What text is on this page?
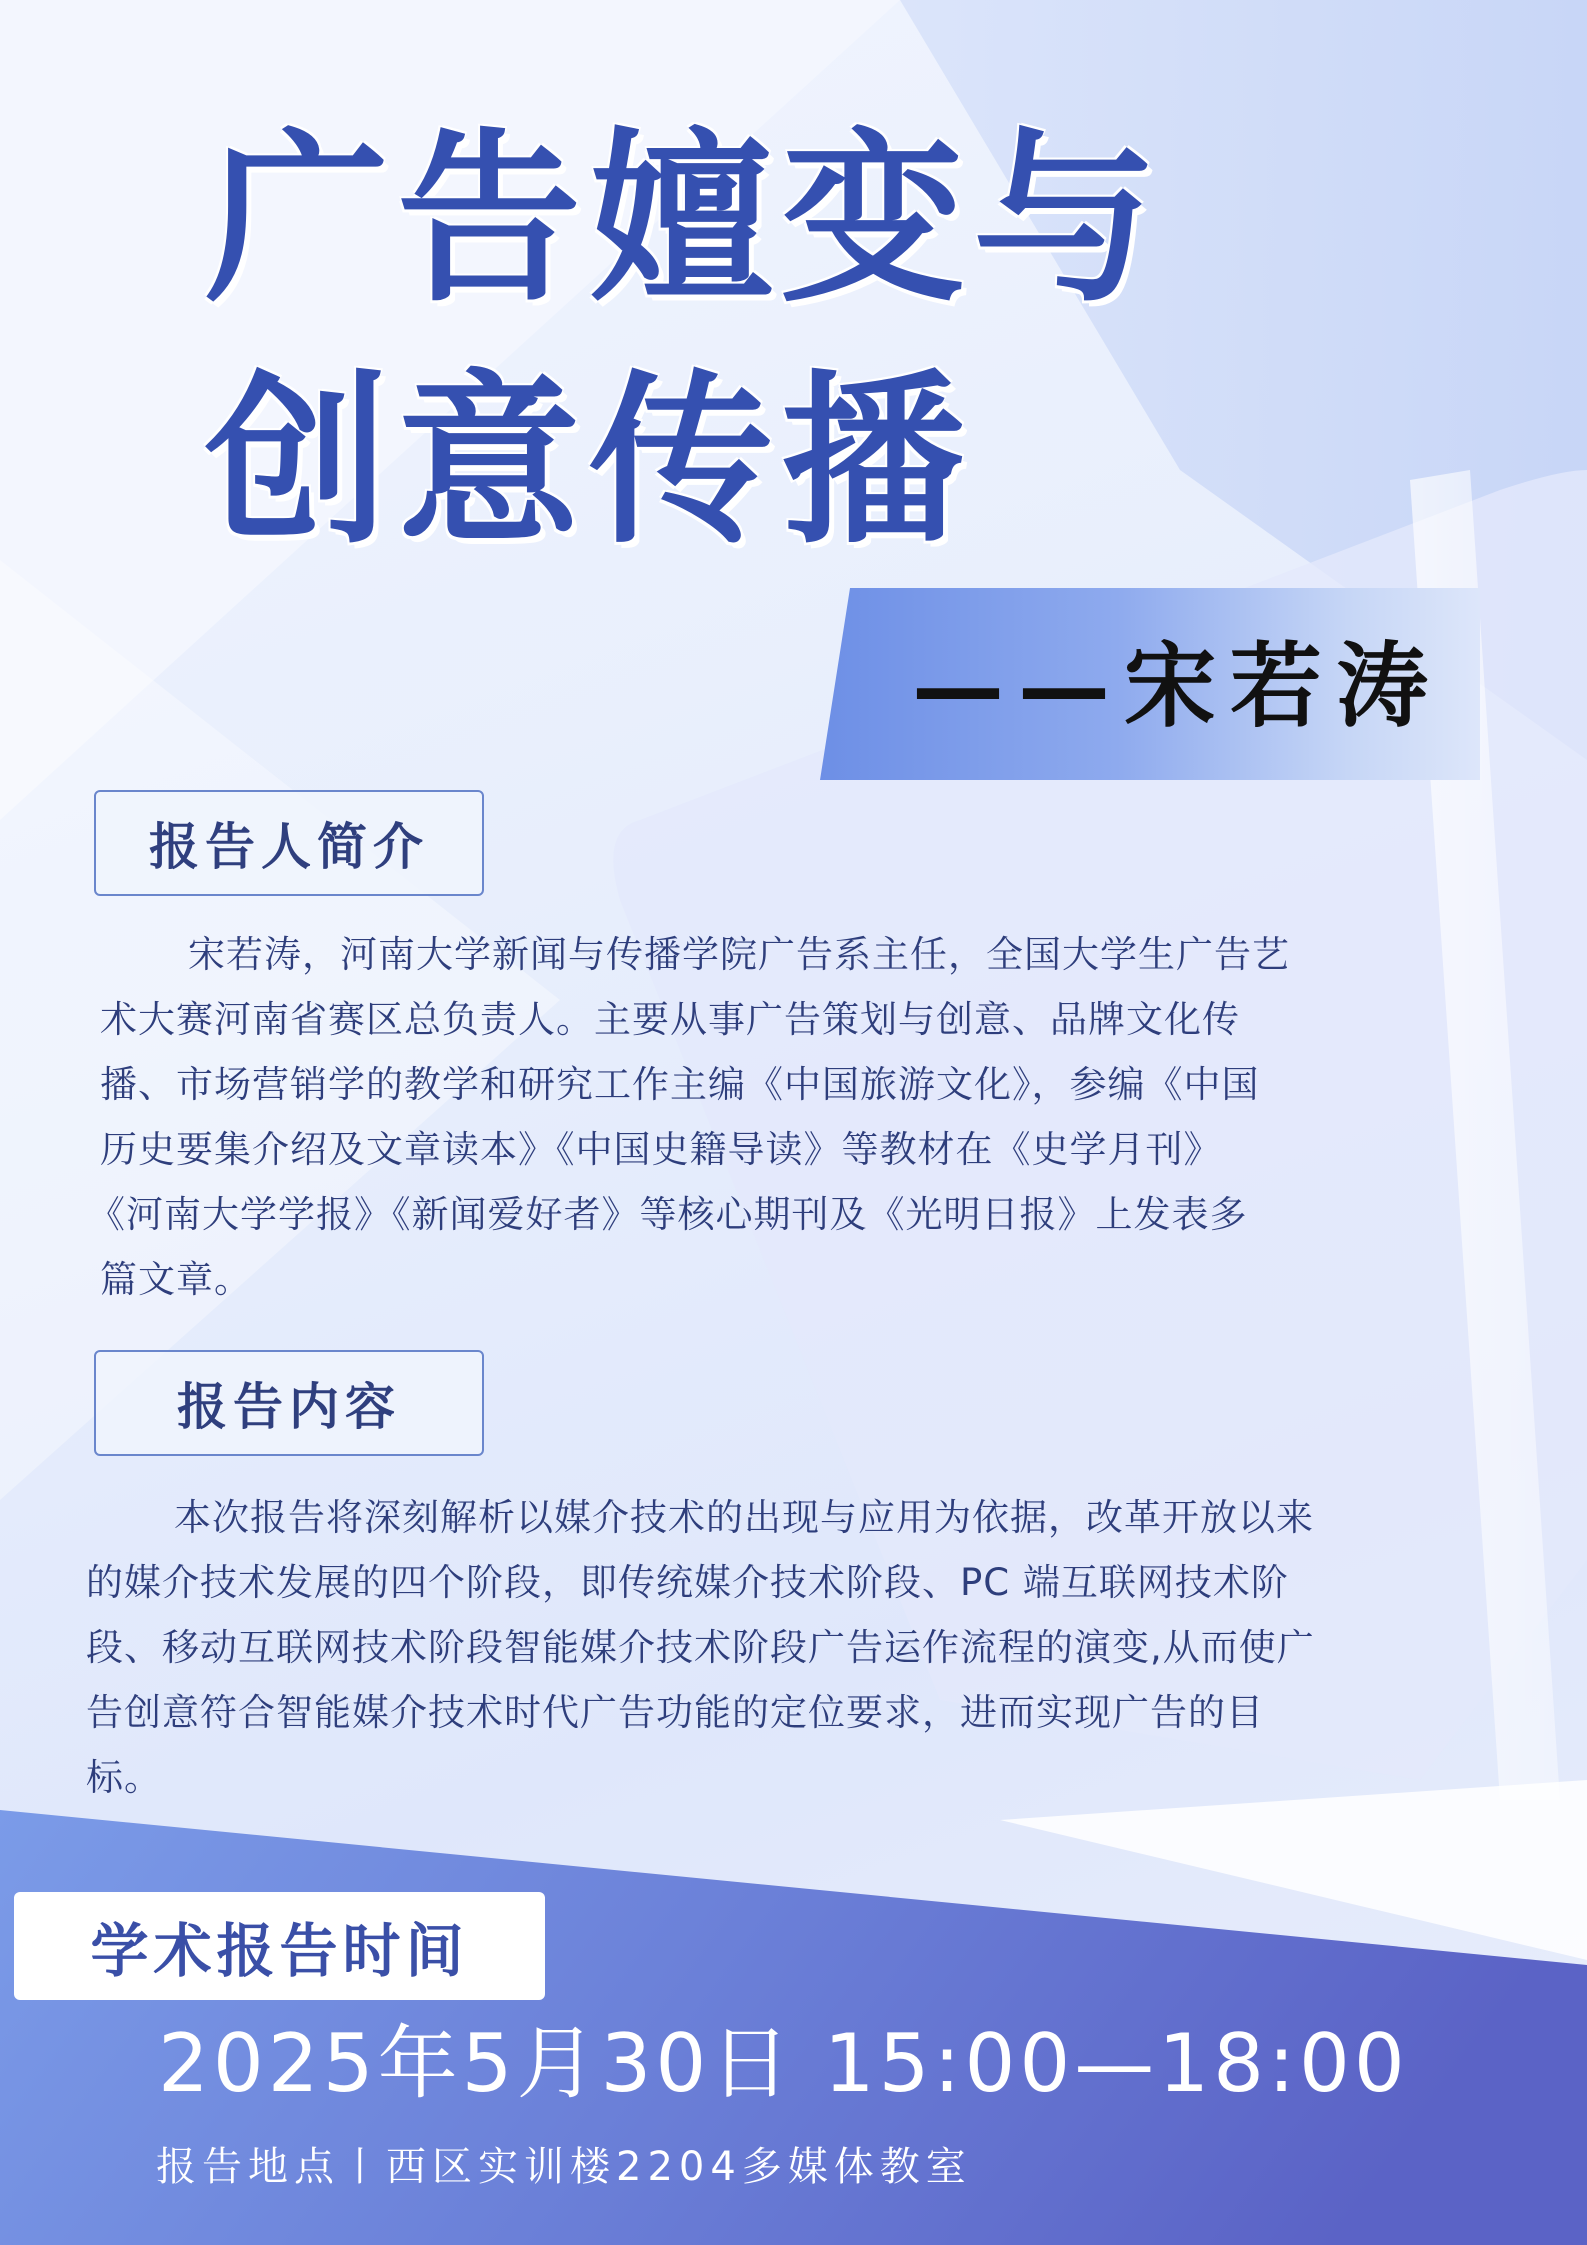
广告嬗变与
创意传播
——宋若涛
报告人简介

宋若涛，河南大学新闻与传播学院广告系主任，全国大学生广告艺
术大赛河南省赛区总负责人。主要从事广告策划与创意、品牌文化传
播、市场营销学的教学和研究工作主编《中国旅游文化》，参编《中国
历史要集介绍及文章读本》《中国史籍导读》等教材在《史学月刊》
《河南大学学报》《新闻爱好者》等核心期刊及《光明日报》上发表多
篇文章。

报告内容

本次报告将深刻解析以媒介技术的出现与应用为依据，改革开放以来
的媒介技术发展的四个阶段，即传统媒介技术阶段、PC 端互联网技术阶
段、移动互联网技术阶段智能媒介技术阶段广告运作流程的演变,从而使广
告创意符合智能媒介技术时代广告功能的定位要求，进而实现广告的目
标。

学术报告时间
2025年5月30日 15:00—18:00
报告地点丨西区实训楼2204多媒体教室
